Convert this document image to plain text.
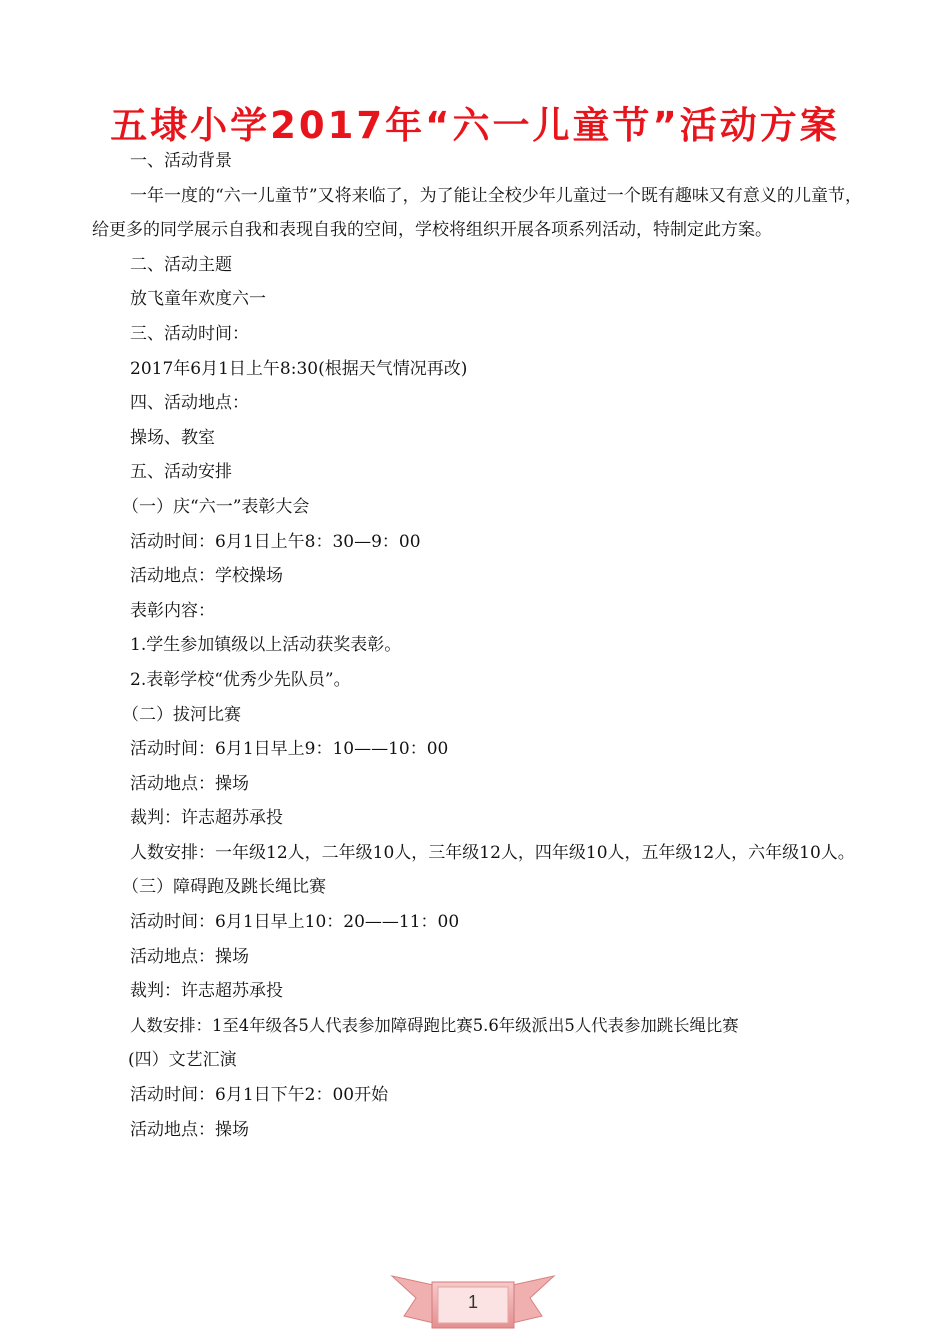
五埭小学2017年“六一儿童节”活动方案

一、活动背景

一年一度的“六一儿童节”又将来临了，为了能让全校少年儿童过一个既有趣味又有意义的儿童节，给更多的同学展示自我和表现自我的空间，学校将组织开展各项系列活动，特制定此方案。

二、活动主题

放飞童年欢度六一

三、活动时间：

2017年6月1日上午8:30(根据天气情况再改)

四、活动地点：

操场、教室

五、活动安排

（一）庆“六一”表彰大会

活动时间：6月1日上午8：30—9：00

活动地点：学校操场

表彰内容：

1.学生参加镇级以上活动获奖表彰。

2.表彰学校“优秀少先队员”。

（二）拔河比赛

活动时间：6月1日早上9：10——10：00

活动地点：操场

裁判：许志超苏承投

人数安排：一年级12人，二年级10人，三年级12人，四年级10人，五年级12人，六年级10人。

（三）障碍跑及跳长绳比赛

活动时间：6月1日早上10：20——11：00

活动地点：操场

裁判：许志超苏承投

人数安排：1至4年级各5人代表参加障碍跑比赛5.6年级派出5人代表参加跳长绳比赛

(四）文艺汇演

活动时间：6月1日下午2：00开始

活动地点：操场

1
